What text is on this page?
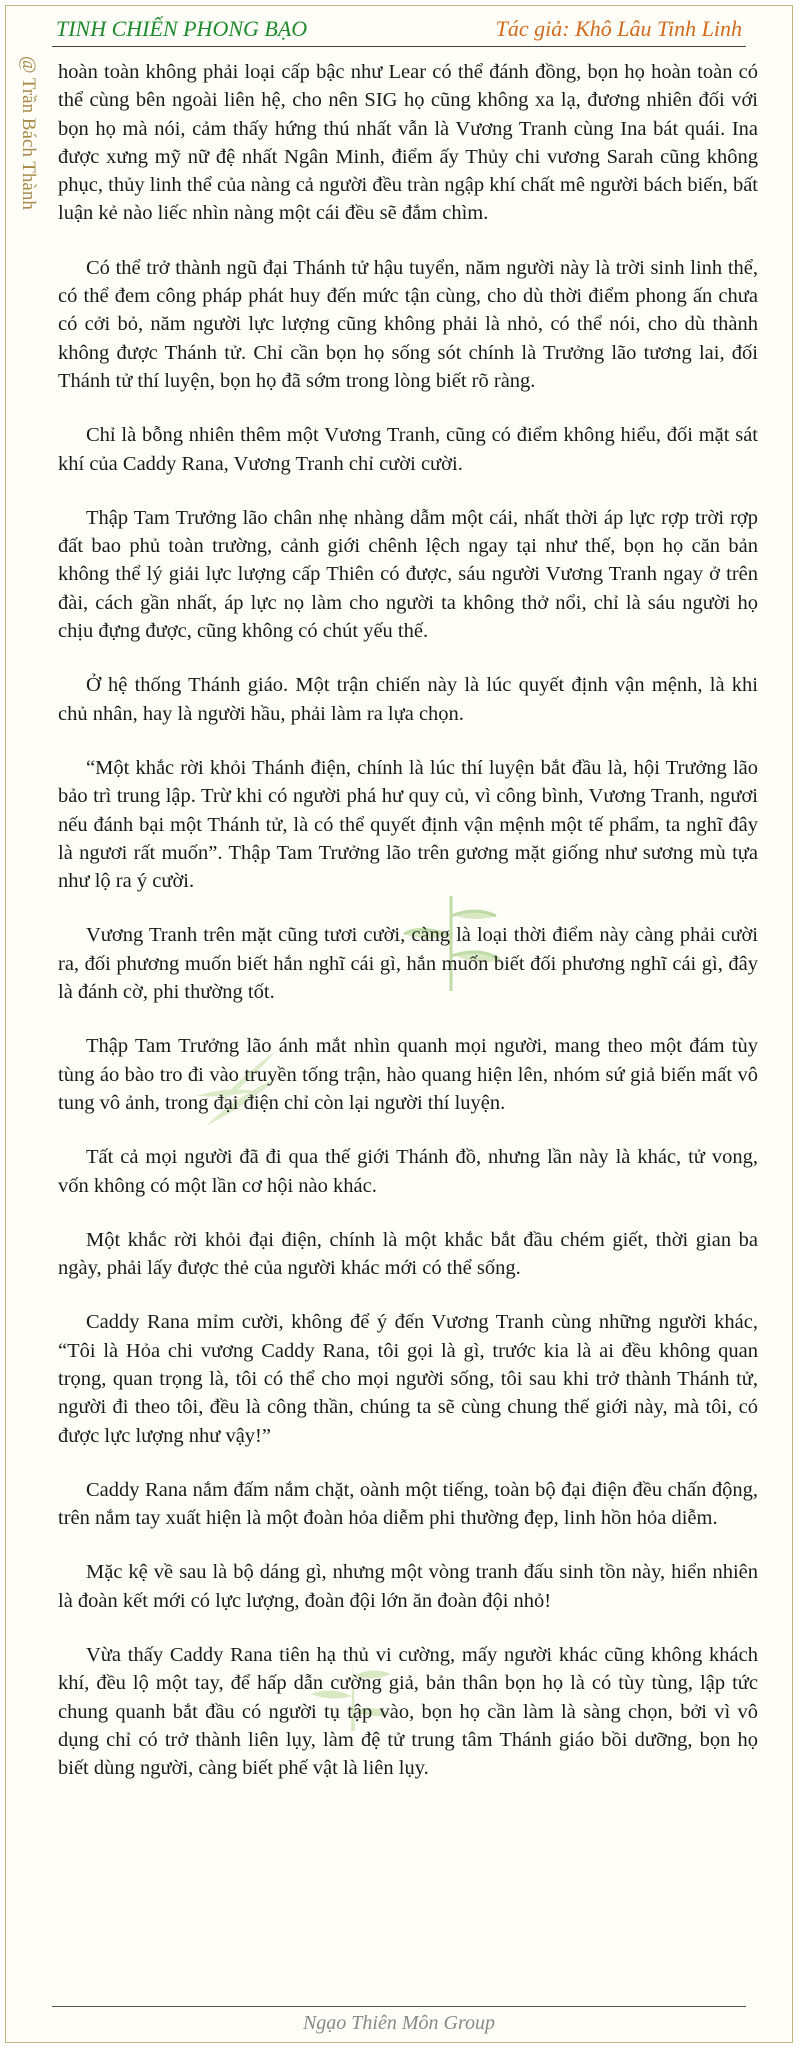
TINH CHIẾN PHONG BẠO	Tác giả: Khô Lâu Tinh Linh
@ Trần Bách Thành hoàn toàn không phải loại cấp bậc như Lear có thể đánh đồng, bọn họ hoàn toàn có thể cùng bên ngoài liên hệ, cho nên SIG họ cũng không xa lạ, đương nhiên đối với bọn họ mà nói, cảm thấy hứng thú nhất vẫn là Vương Tranh cùng Ina bát quái. Ina được xưng mỹ nữ đệ nhất Ngân Minh, điểm ấy Thủy chi vương Sarah cũng không phục, thủy linh thể của nàng cả người đều tràn ngập khí chất mê người bách biến, bất luận kẻ nào liếc nhìn nàng một cái đều sẽ đắm chìm.

Có thể trở thành ngũ đại Thánh tử hậu tuyển, năm người này là trời sinh linh thể, có thể đem công pháp phát huy đến mức tận cùng, cho dù thời điểm phong ấn chưa có cởi bỏ, năm người lực lượng cũng không phải là nhỏ, có thể nói, cho dù thành không được Thánh tử. Chỉ cần bọn họ sống sót chính là Trưởng lão tương lai, đối Thánh tử thí luyện, bọn họ đã sớm trong lòng biết rõ ràng.

Chỉ là bỗng nhiên thêm một Vương Tranh, cũng có điểm không hiểu, đối mặt sát khí của Caddy Rana, Vương Tranh chỉ cười cười.

Thập Tam Trưởng lão chân nhẹ nhàng dẫm một cái, nhất thời áp lực rợp trời rợp đất bao phủ toàn trường, cảnh giới chênh lệch ngay tại như thế, bọn họ căn bản không thể lý giải lực lượng cấp Thiên có được, sáu người Vương Tranh ngay ở trên đài, cách gần nhất, áp lực nọ làm cho người ta không thở nổi, chỉ là sáu người họ chịu đựng được, cũng không có chút yếu thế.

Ở hệ thống Thánh giáo. Một trận chiến này là lúc quyết định vận mệnh, là khi chủ nhân, hay là người hầu, phải làm ra lựa chọn.

“Một khắc rời khỏi Thánh điện, chính là lúc thí luyện bắt đầu là, hội Trưởng lão bảo trì trung lập. Trừ khi có người phá hư quy củ, vì công bình, Vương Tranh, ngươi nếu đánh bại một Thánh tử, là có thể quyết định vận mệnh một tế phẩm, ta nghĩ đây là ngươi rất muốn”. Thập Tam Trưởng lão trên gương mặt giống như sương mù tựa như lộ ra ý cười.

Vương Tranh trên mặt cũng tươi cười, càng là loại thời điểm này càng phải cười ra, đối phương muốn biết hắn nghĩ cái gì, hắn muốn biết đối phương nghĩ cái gì, đây là đánh cờ, phi thường tốt.

Thập Tam Trưởng lão ánh mắt nhìn quanh mọi người, mang theo một đám tùy tùng áo bào tro đi vào truyền tống trận, hào quang hiện lên, nhóm sứ giả biến mất vô tung vô ảnh, trong đại điện chỉ còn lại người thí luyện.

Tất cả mọi người đã đi qua thế giới Thánh đồ, nhưng lần này là khác, tử vong, vốn không có một lần cơ hội nào khác.

Một khắc rời khỏi đại điện, chính là một khắc bắt đầu chém giết, thời gian ba ngày, phải lấy được thẻ của người khác mới có thể sống.

Caddy Rana mỉm cười, không để ý đến Vương Tranh cùng những người khác, “Tôi là Hỏa chi vương Caddy Rana, tôi gọi là gì, trước kia là ai đều không quan trọng, quan trọng là, tôi có thể cho mọi người sống, tôi sau khi trở thành Thánh tử, người đi theo tôi, đều là công thần, chúng ta sẽ cùng chung thế giới này, mà tôi, có được lực lượng như vậy!”

Caddy Rana nắm đấm nắm chặt, oành một tiếng, toàn bộ đại điện đều chấn động, trên nắm tay xuất hiện là một đoàn hỏa diễm phi thường đẹp, linh hồn hỏa diễm.

Mặc kệ về sau là bộ dáng gì, nhưng một vòng tranh đấu sinh tồn này, hiển nhiên là đoàn kết mới có lực lượng, đoàn đội lớn ăn đoàn đội nhỏ!

Vừa thấy Caddy Rana tiên hạ thủ vi cường, mấy người khác cũng không khách khí, đều lộ một tay, để hấp dẫn cường giả, bản thân bọn họ là có tùy tùng, lập tức chung quanh bắt đầu có người tụ tập vào, bọn họ cần làm là sàng chọn, bởi vì vô dụng chỉ có trở thành liên lụy, làm đệ tử trung tâm Thánh giáo bồi dưỡng, bọn họ biết dùng người, càng biết phế vật là liên lụy.

Ngạo Thiên Môn Group
